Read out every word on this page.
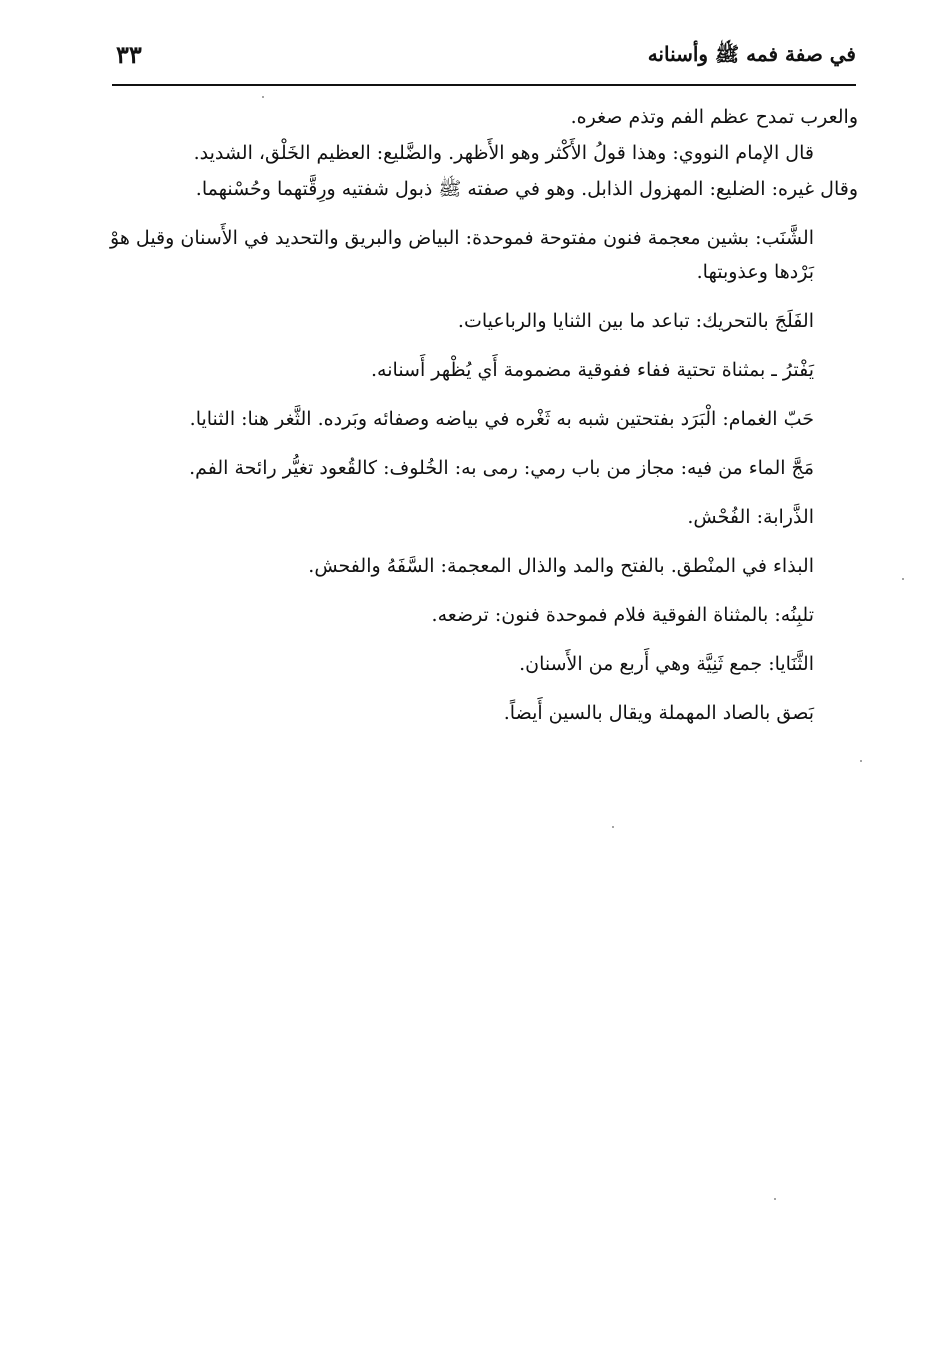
في صفة فمه ﷺ وأسنانه
٣٣

والعرب تمدح عظم الفم وتذم صغره.

قال الإمام النووي: وهذا قولُ الأَكْثر وهو الأَظهر. والضَّليع: العظيم الخَلْق، الشديد.

وقال غيره: الضليع: المهزول الذابل. وهو في صفته ﷺ ذبول شفتيه ورِقَّتهما وحُسْنهما.

الشَّنَب: بشين معجمة فنون مفتوحة فموحدة: البياض والبريق والتحديد في الأَسنان وقيل هوْ بَرْدها وعذوبتها.

الفَلَجَ بالتحريك: تباعد ما بين الثنايا والرباعيات.

يَفْترُ ـ بمثناة تحتية ففاء ففوقية مضمومة أَي يُظْهر أَسنانه.

حَبّ الغمام: الْبَرَد بفتحتين شبه به ثَغْره في بياضه وصفائه وبَرده. الثَّغر هنا: الثنايا.

مَجَّ الماء من فيه: مجاز من باب رمي: رمى به: الخُلوف: كالقُعود تغيُّر رائحة الفم.

الذَّرابة: الفُحْش.

البذاء في المنْطق. بالفتح والمد والذال المعجمة: السَّفَهُ والفحش.

تلبِنُه: بالمثناة الفوقية فلام فموحدة فنون: ترضعه.

الثَّنَايا: جمع ثَنِيَّة وهي أَربع من الأَسنان.

بَصق بالصاد المهملة ويقال بالسين أَيضاً.
